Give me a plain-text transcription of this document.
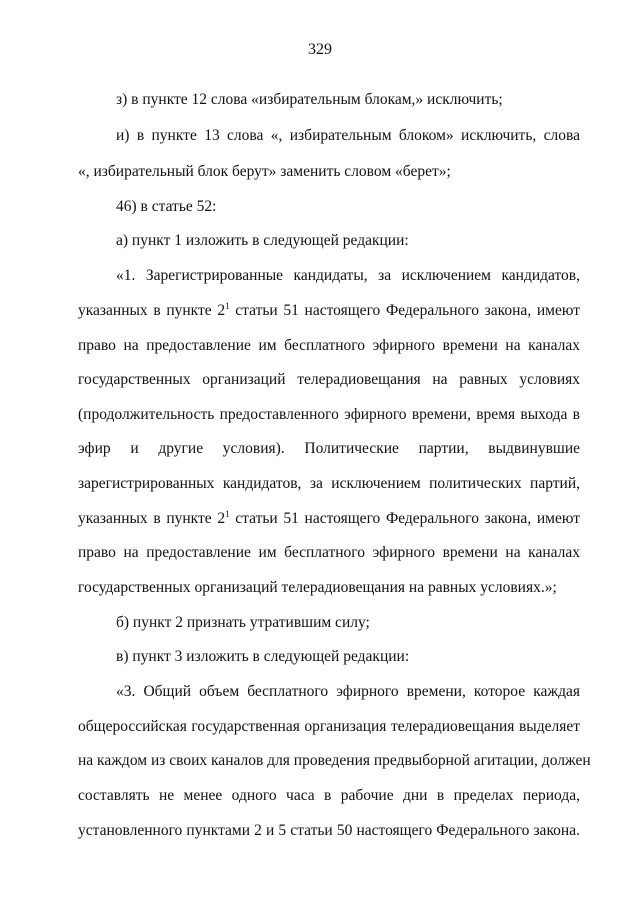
329
з) в пункте 12 слова «избирательным блокам,» исключить;
и) в пункте 13 слова «, избирательным блоком» исключить, слова
«, избирательный блок берут» заменить словом «берет»;
46) в статье 52:
а) пункт 1 изложить в следующей редакции:
«1. Зарегистрированные кандидаты, за исключением кандидатов,
указанных в пункте $2^1$ статьи 51 настоящего Федерального закона, имеют
право на предоставление им бесплатного эфирного времени на каналах
государственных организаций телерадиовещания на равных условиях
(продолжительность предоставленного эфирного времени, время выхода в
эфир и другие условия). Политические партии, выдвинувшие
зарегистрированных кандидатов, за исключением политических партий,
указанных в пункте $2^1$ статьи 51 настоящего Федерального закона, имеют
право на предоставление им бесплатного эфирного времени на каналах
государственных организаций телерадиовещания на равных условиях.»;
б) пункт 2 признать утратившим силу;
в) пункт 3 изложить в следующей редакции:
«3. Общий объем бесплатного эфирного времени, которое каждая
общероссийская государственная организация телерадиовещания выделяет
на каждом из своих каналов для проведения предвыборной агитации, должен
составлять не менее одного часа в рабочие дни в пределах периода,
установленного пунктами 2 и 5 статьи 50 настоящего Федерального закона.
